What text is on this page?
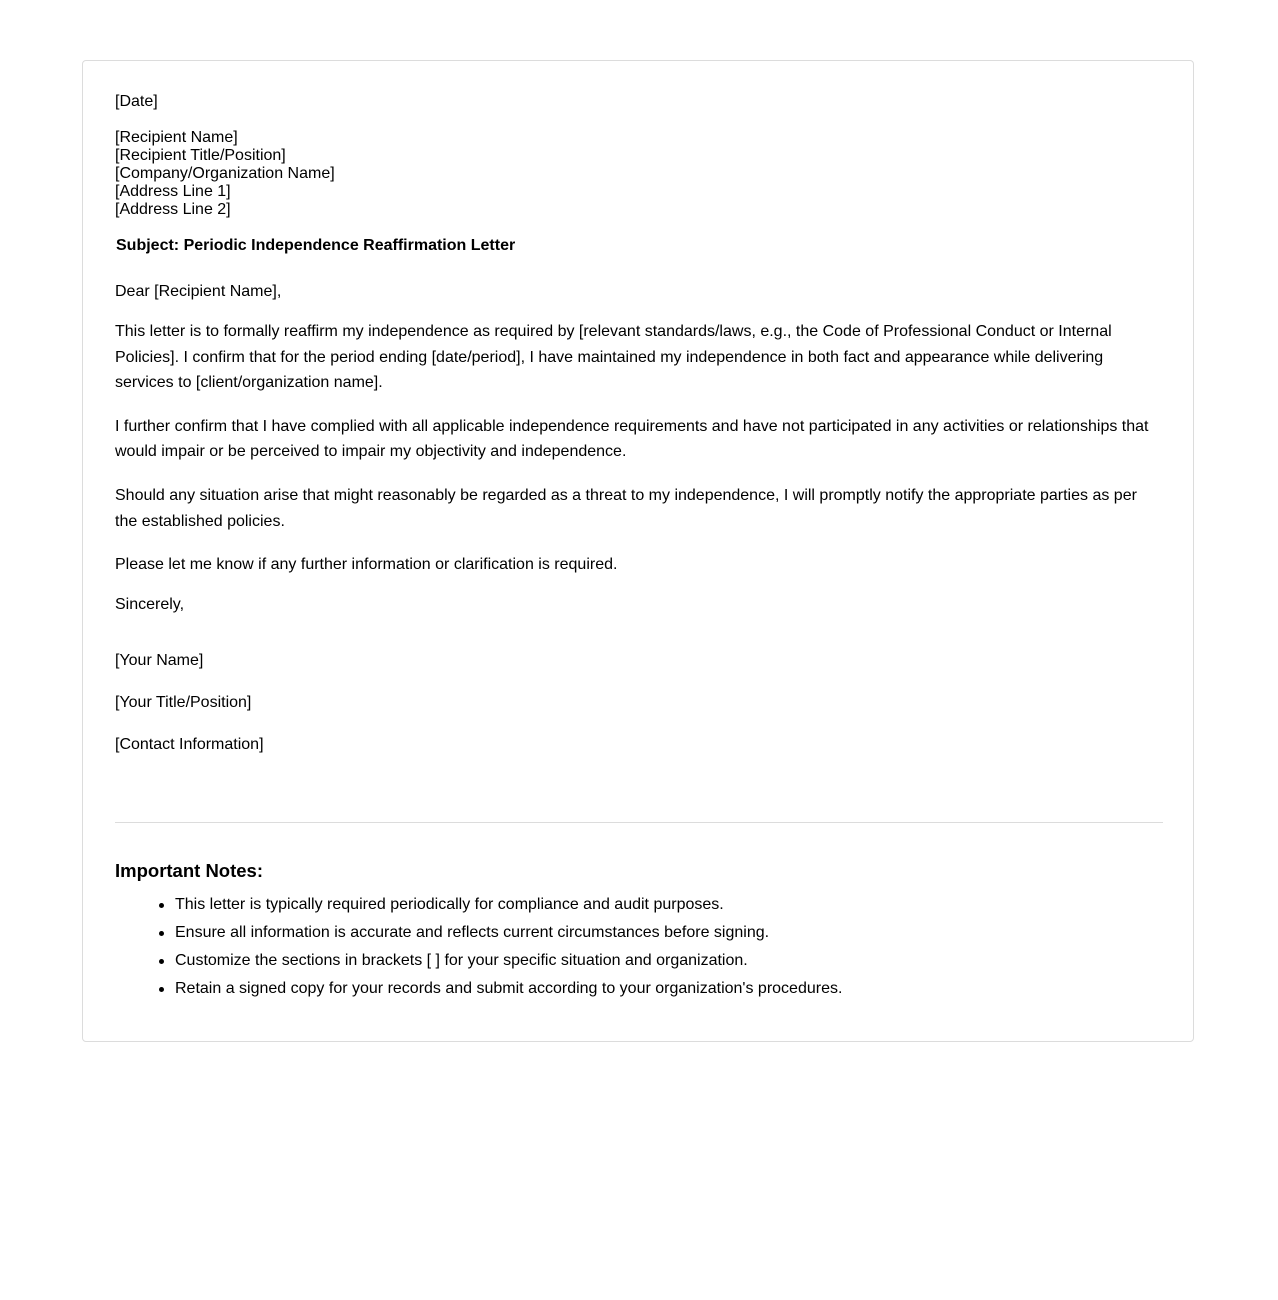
[Date]

[Recipient Name]

[Recipient Title/Position]

[Company/Organization Name]

[Address Line 1]

[Address Line 2]

Subject: Periodic Independence Reaffirmation Letter

Dear [Recipient Name],

This letter is to formally reaffirm my independence as required by [relevant standards/laws, e.g., the Code of Professional Conduct or Internal Policies]. I confirm that for the period ending [date/period], I have maintained my independence in both fact and appearance while delivering services to [client/organization name].

I further confirm that I have complied with all applicable independence requirements and have not participated in any activities or relationships that would impair or be perceived to impair my objectivity and independence.

Should any situation arise that might reasonably be regarded as a threat to my independence, I will promptly notify the appropriate parties as per the established policies.

Please let me know if any further information or clarification is required.

Sincerely,

[Your Name]

[Your Title/Position]

[Contact Information]

Important Notes:
This letter is typically required periodically for compliance and audit purposes.
Ensure all information is accurate and reflects current circumstances before signing.
Customize the sections in brackets [ ] for your specific situation and organization.
Retain a signed copy for your records and submit according to your organization's procedures.
